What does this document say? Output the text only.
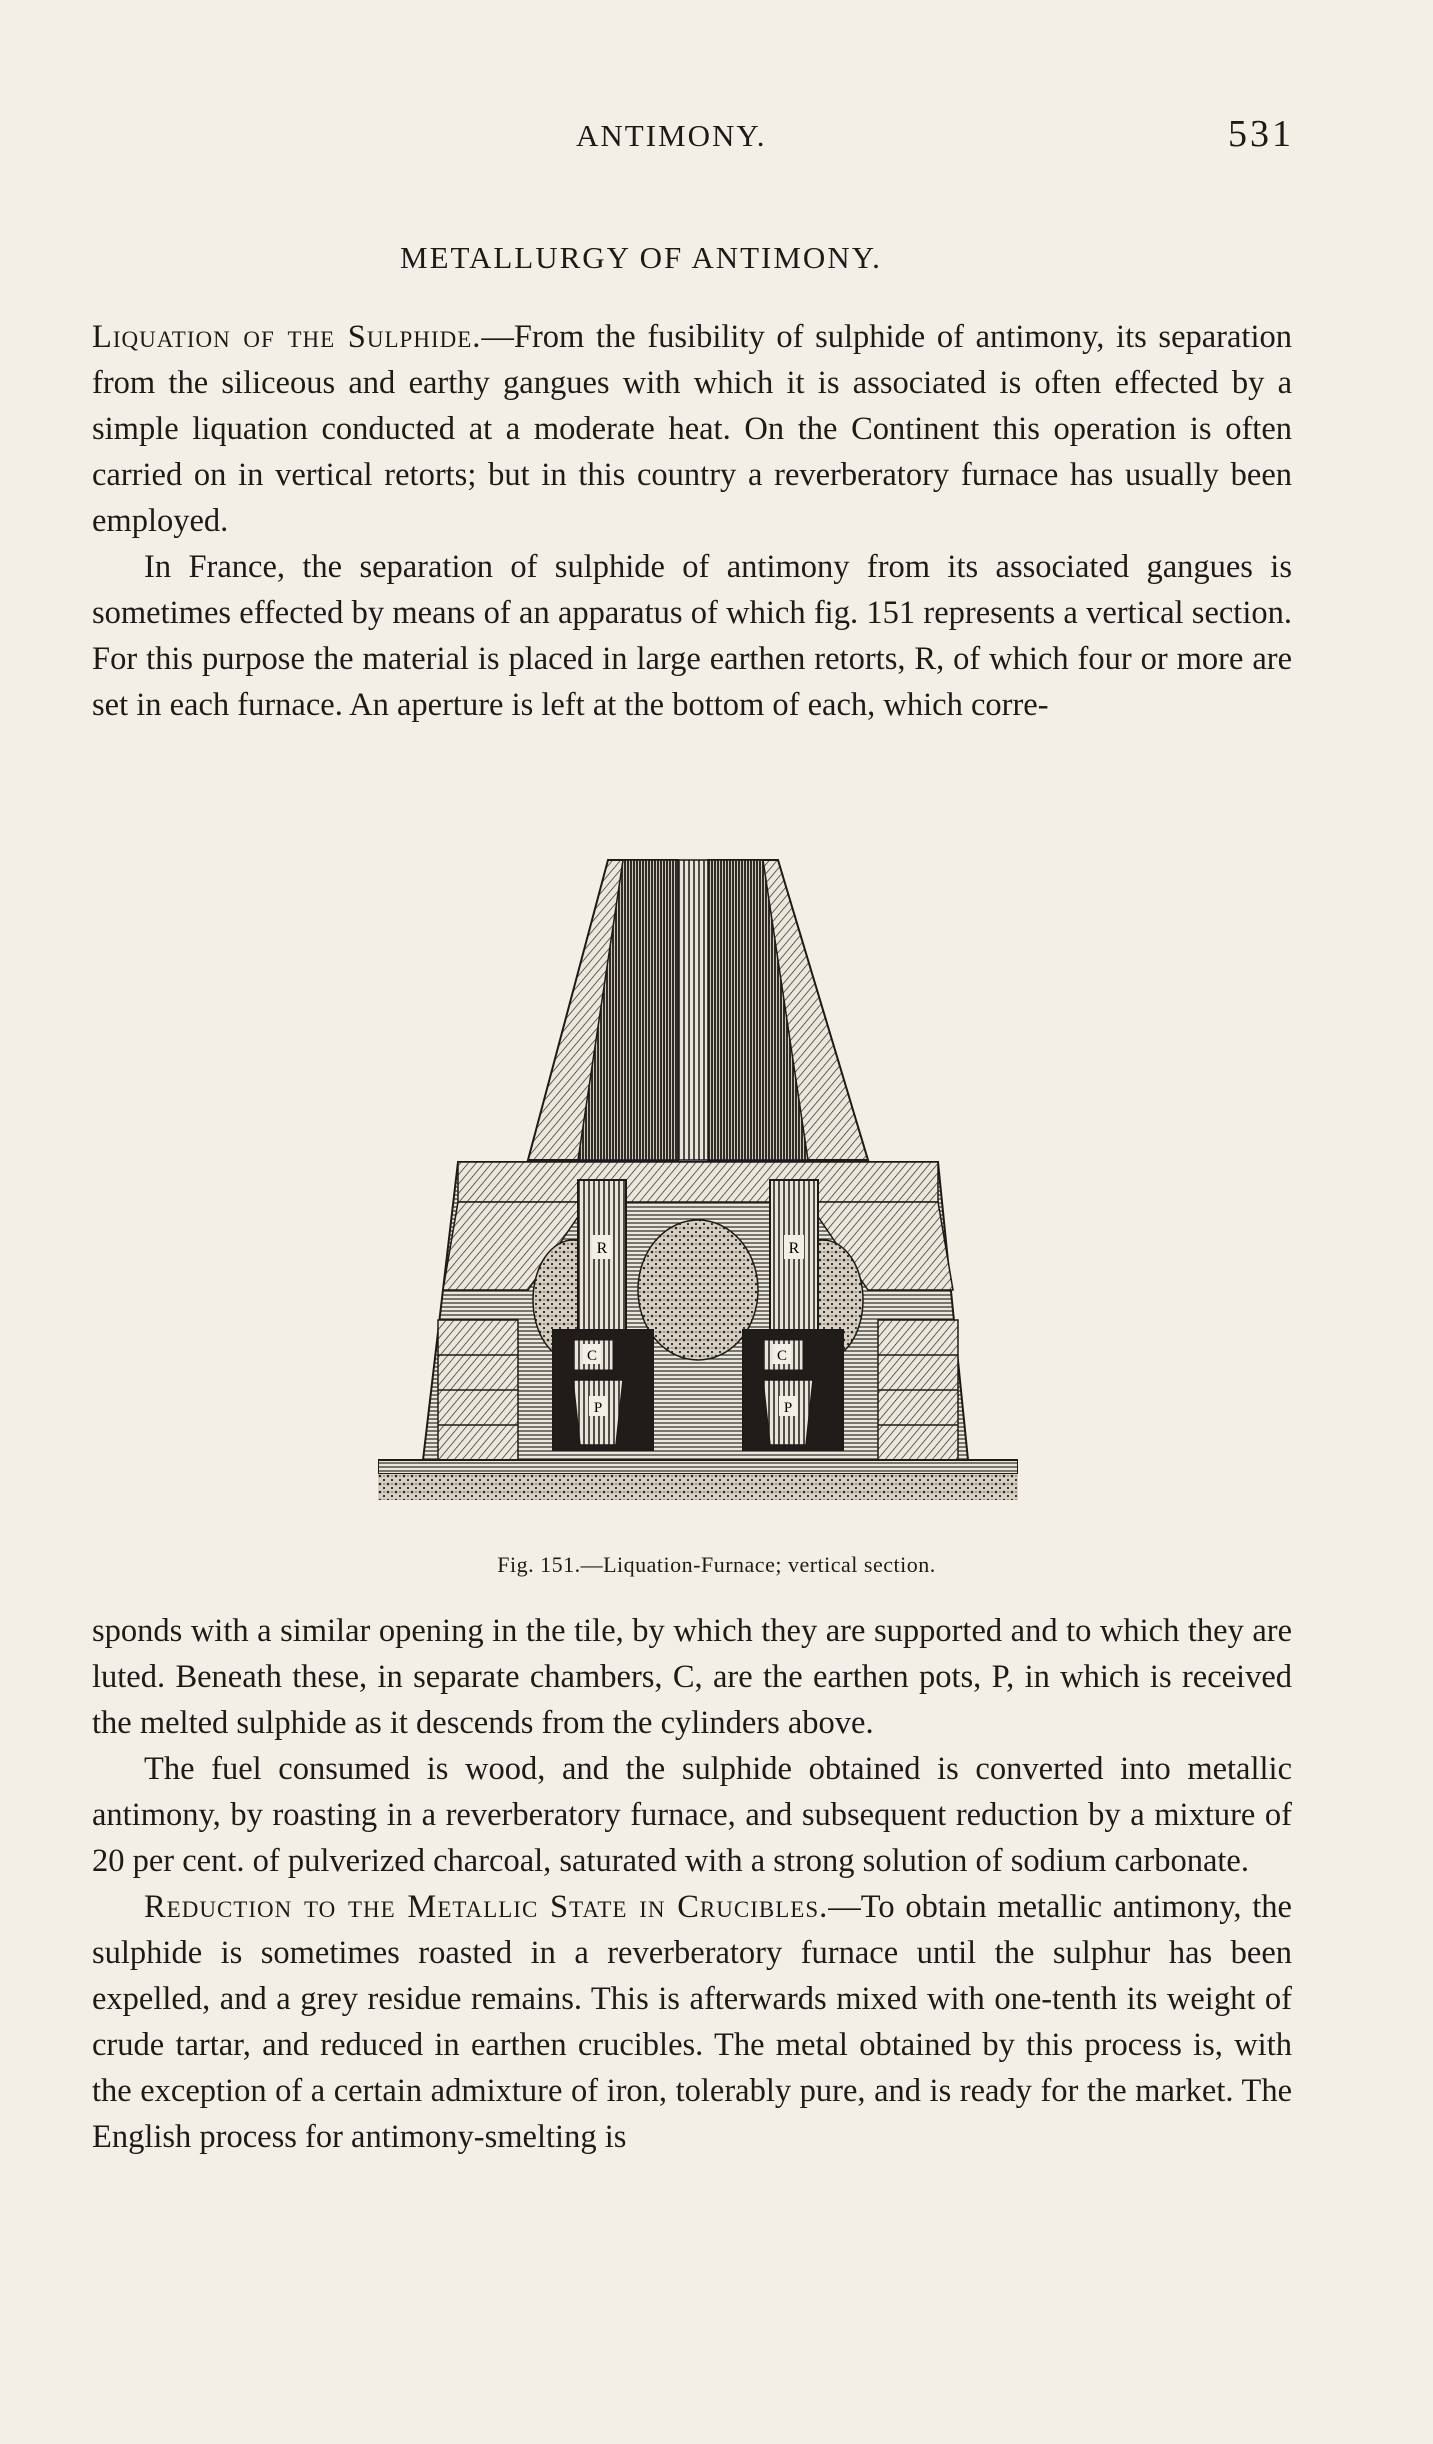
ANTIMONY.	531
METALLURGY OF ANTIMONY.

Liquation of the Sulphide.—From the fusibility of sulphide of antimony, its separation from the siliceous and earthy gangues with which it is associated is often effected by a simple liquation conducted at a moderate heat. On the Continent this operation is often carried on in vertical retorts; but in this country a reverberatory furnace has usually been employed.

In France, the separation of sulphide of antimony from its associated gangues is sometimes effected by means of an apparatus of which fig. 151 represents a vertical section. For this purpose the material is placed in large earthen retorts, R, of which four or more are set in each furnace. An aperture is left at the bottom of each, which corre-

R	R
C	C
P	P
Fig. 151.—Liquation-Furnace; vertical section.

sponds with a similar opening in the tile, by which they are supported and to which they are luted. Beneath these, in separate chambers, C, are the earthen pots, P, in which is received the melted sulphide as it descends from the cylinders above.

The fuel consumed is wood, and the sulphide obtained is converted into metallic antimony, by roasting in a reverberatory furnace, and subsequent reduction by a mixture of 20 per cent. of pulverized charcoal, saturated with a strong solution of sodium carbonate.

Reduction to the Metallic State in Crucibles.—To obtain metallic antimony, the sulphide is sometimes roasted in a reverberatory furnace until the sulphur has been expelled, and a grey residue remains. This is afterwards mixed with one-tenth its weight of crude tartar, and reduced in earthen crucibles. The metal obtained by this process is, with the exception of a certain admixture of iron, tolerably pure, and is ready for the market. The English process for antimony-smelting is
